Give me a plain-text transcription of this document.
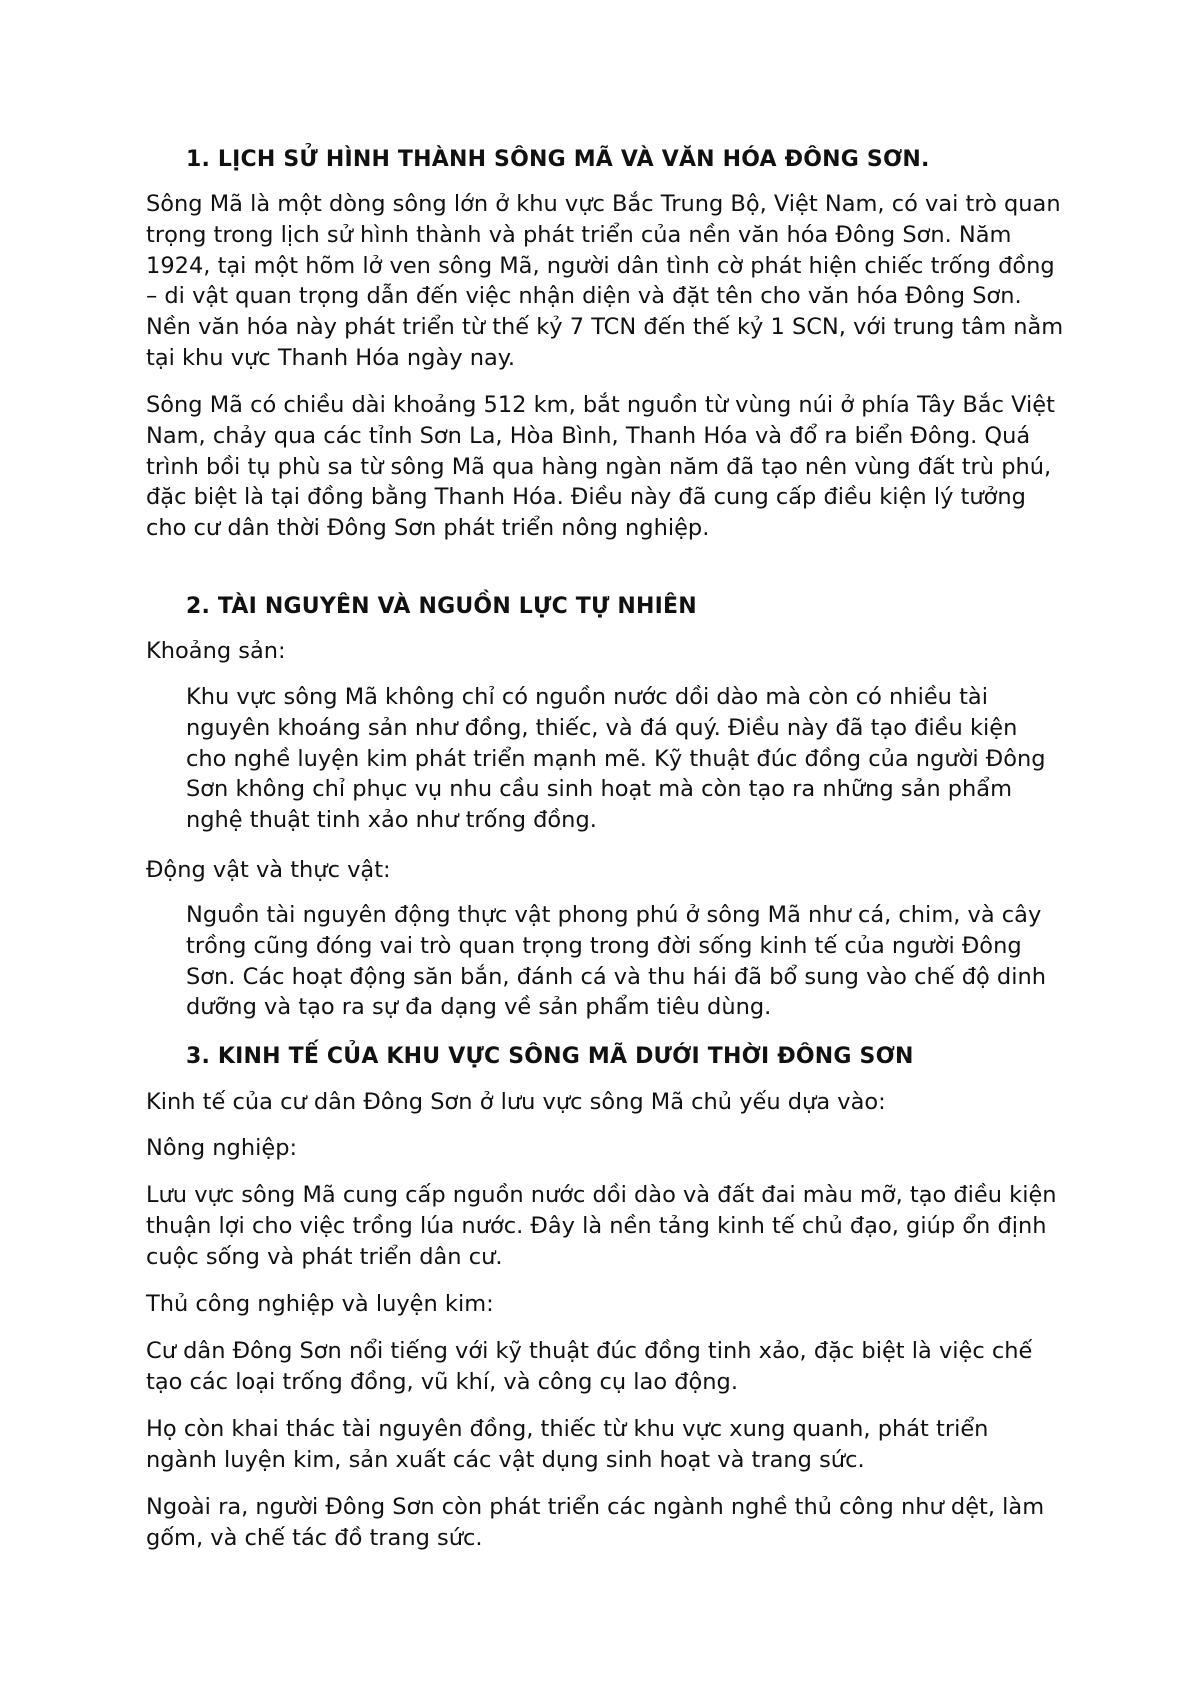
1. LỊCH SỬ HÌNH THÀNH SÔNG MÃ VÀ VĂN HÓA ĐÔNG SƠN.

Sông Mã là một dòng sông lớn ở khu vực Bắc Trung Bộ, Việt Nam, có vai trò quan trọng trong lịch sử hình thành và phát triển của nền văn hóa Đông Sơn. Năm 1924, tại một hõm lở ven sông Mã, người dân tình cờ phát hiện chiếc trống đồng – di vật quan trọng dẫn đến việc nhận diện và đặt tên cho văn hóa Đông Sơn. Nền văn hóa này phát triển từ thế kỷ 7 TCN đến thế kỷ 1 SCN, với trung tâm nằm tại khu vực Thanh Hóa ngày nay.

Sông Mã có chiều dài khoảng 512 km, bắt nguồn từ vùng núi ở phía Tây Bắc Việt Nam, chảy qua các tỉnh Sơn La, Hòa Bình, Thanh Hóa và đổ ra biển Đông. Quá trình bồi tụ phù sa từ sông Mã qua hàng ngàn năm đã tạo nên vùng đất trù phú, đặc biệt là tại đồng bằng Thanh Hóa. Điều này đã cung cấp điều kiện lý tưởng cho cư dân thời Đông Sơn phát triển nông nghiệp.

2. TÀI NGUYÊN VÀ NGUỒN LỰC TỰ NHIÊN

Khoảng sản:

Khu vực sông Mã không chỉ có nguồn nước dồi dào mà còn có nhiều tài nguyên khoáng sản như đồng, thiếc, và đá quý. Điều này đã tạo điều kiện cho nghề luyện kim phát triển mạnh mẽ. Kỹ thuật đúc đồng của người Đông Sơn không chỉ phục vụ nhu cầu sinh hoạt mà còn tạo ra những sản phẩm nghệ thuật tinh xảo như trống đồng.

Động vật và thực vật:

Nguồn tài nguyên động thực vật phong phú ở sông Mã như cá, chim, và cây trồng cũng đóng vai trò quan trọng trong đời sống kinh tế của người Đông Sơn. Các hoạt động săn bắn, đánh cá và thu hái đã bổ sung vào chế độ dinh dưỡng và tạo ra sự đa dạng về sản phẩm tiêu dùng.

3. KINH TẾ CỦA KHU VỰC SÔNG MÃ DƯỚI THỜI ĐÔNG SƠN

Kinh tế của cư dân Đông Sơn ở lưu vực sông Mã chủ yếu dựa vào:

Nông nghiệp:

Lưu vực sông Mã cung cấp nguồn nước dồi dào và đất đai màu mỡ, tạo điều kiện thuận lợi cho việc trồng lúa nước. Đây là nền tảng kinh tế chủ đạo, giúp ổn định cuộc sống và phát triển dân cư.

Thủ công nghiệp và luyện kim:

Cư dân Đông Sơn nổi tiếng với kỹ thuật đúc đồng tinh xảo, đặc biệt là việc chế tạo các loại trống đồng, vũ khí, và công cụ lao động.

Họ còn khai thác tài nguyên đồng, thiếc từ khu vực xung quanh, phát triển ngành luyện kim, sản xuất các vật dụng sinh hoạt và trang sức.

Ngoài ra, người Đông Sơn còn phát triển các ngành nghề thủ công như dệt, làm gốm, và chế tác đồ trang sức.
